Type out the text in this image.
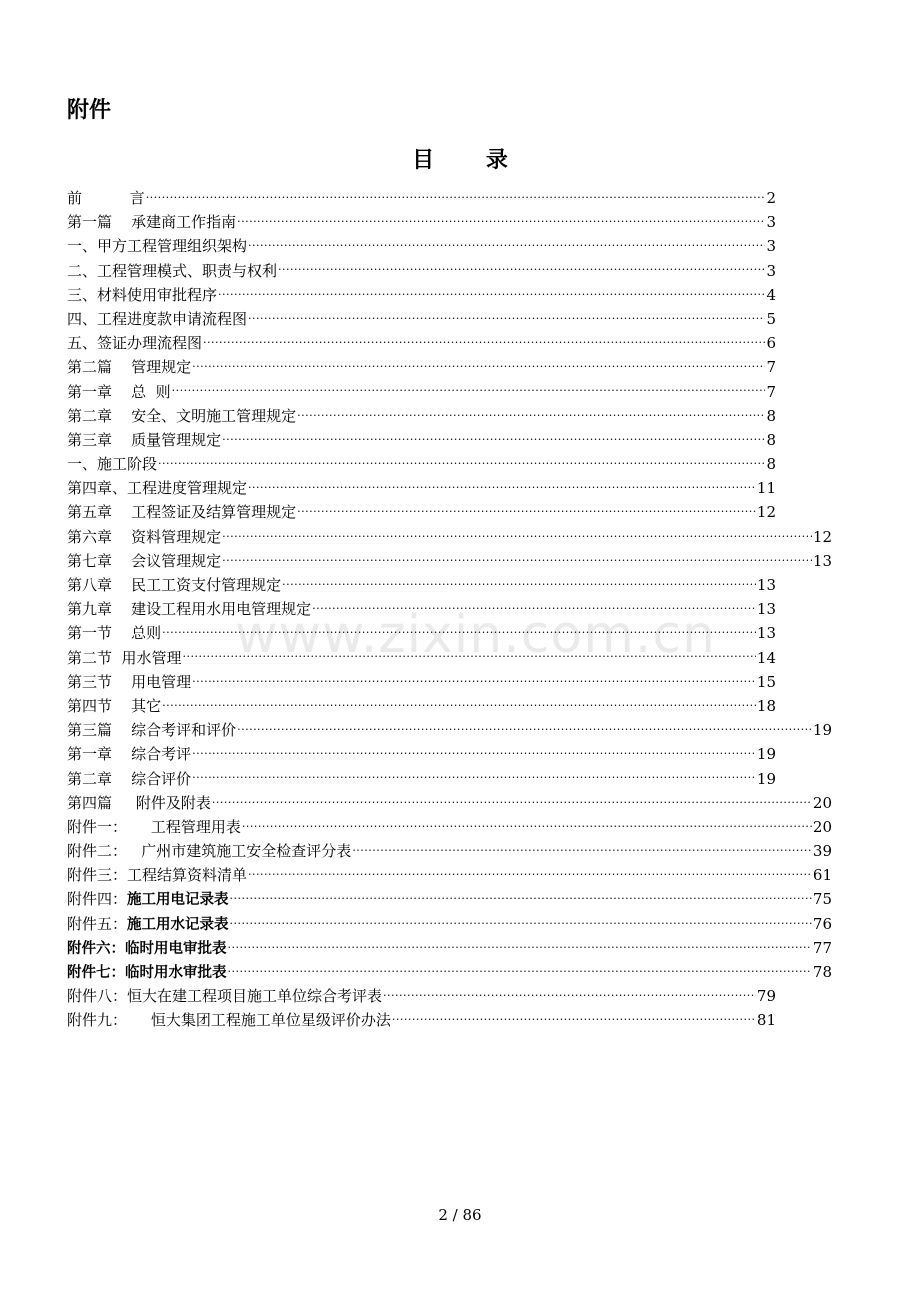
www.zixin.com.cn
附件
目 录
前          言 .....	2
第一篇    承建商工作指南 .....	3
一、甲方工程管理组织架构 .....	3
二、工程管理模式、职责与权利 .....	3
三、材料使用审批程序 .....	4
四、工程进度款申请流程图 .....	5
五、签证办理流程图 .....	6
第二篇    管理规定 .....	7
第一章    总  则 .....	7
第二章    安全、文明施工管理规定 .....	8
第三章    质量管理规定 .....	8
一、施工阶段 .....	8
第四章、工程进度管理规定 .....	11
第五章    工程签证及结算管理规定 .....	12
第六章    资料管理规定 .....	12
第七章    会议管理规定 .....	13
第八章    民工工资支付管理规定 .....	13
第九章    建设工程用水用电管理规定 .....	13
第一节    总则 .....	13
第二节  用水管理 .....	14
第三节    用电管理 .....	15
第四节    其它 .....	18
第三篇    综合考评和评价 .....	19
第一章    综合考评 .....	19
第二章    综合评价 .....	19
第四篇     附件及附表 .....	20
附件一：     工程管理用表 .....	20
附件二：   广州市建筑施工安全检查评分表 .....	39
附件三：工程结算资料清单 .....	61
附件四： 施工用电记录表 .....	75
附件五： 施工用水记录表 .....	76
附件六：临时用电审批表 .....	77
附件七：临时用水审批表 .....	78
附件八：恒大在建工程项目施工单位综合考评表 .....	79
附件九：     恒大集团工程施工单位星级评价办法 .....	81
2 / 86
